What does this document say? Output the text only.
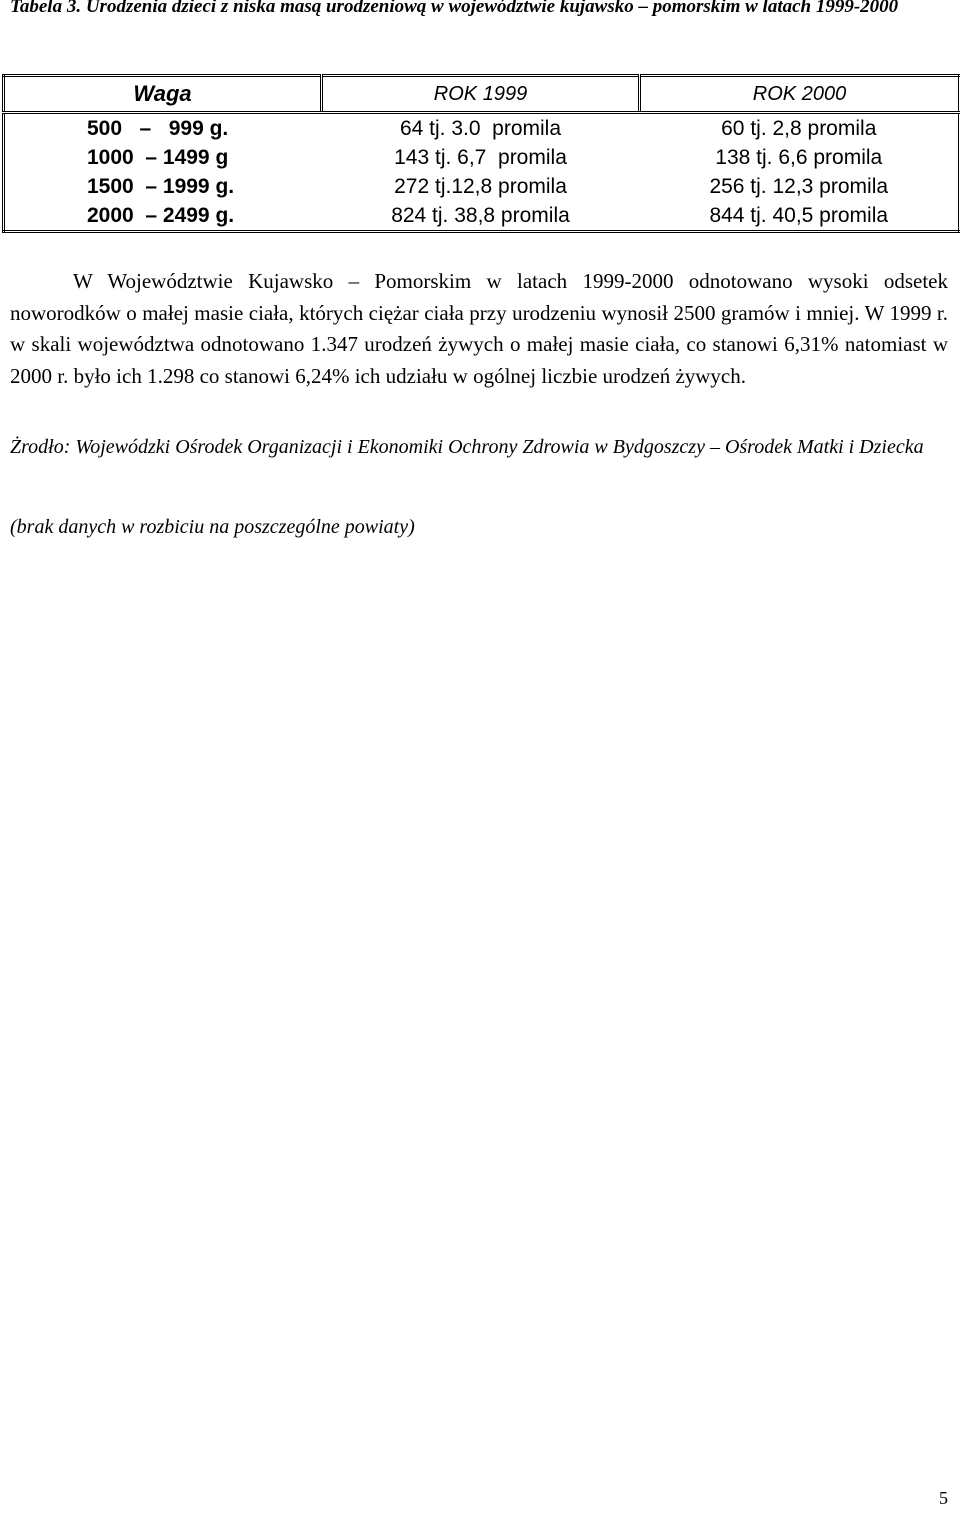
Tabela 3. Urodzenia dzieci z niska masą urodzeniową w województwie kujawsko – pomorskim w latach 1999-2000
Waga	ROK 1999	ROK 2000
500   –   999 g.	64 tj. 3.0  promila	60 tj. 2,8 promila
1000  – 1499 g	143 tj. 6,7  promila	138 tj. 6,6 promila
1500  – 1999 g.	272 tj.12,8 promila	256 tj. 12,3 promila
2000  – 2499 g.	824 tj. 38,8 promila	844 tj. 40,5 promila

W Województwie Kujawsko – Pomorskim w latach 1999-2000 odnotowano wysoki odsetek noworodków o małej masie ciała, których ciężar ciała przy urodzeniu wynosił 2500 gramów i mniej. W 1999 r. w skali województwa odnotowano 1.347 urodzeń żywych o małej masie ciała, co stanowi 6,31% natomiast w 2000 r. było ich 1.298 co stanowi 6,24% ich udziału w ogólnej liczbie urodzeń żywych.

Żrodło: Wojewódzki Ośrodek Organizacji i Ekonomiki Ochrony Zdrowia w Bydgoszczy – Ośrodek Matki i Dziecka

(brak danych w rozbiciu na poszczególne powiaty)

5
